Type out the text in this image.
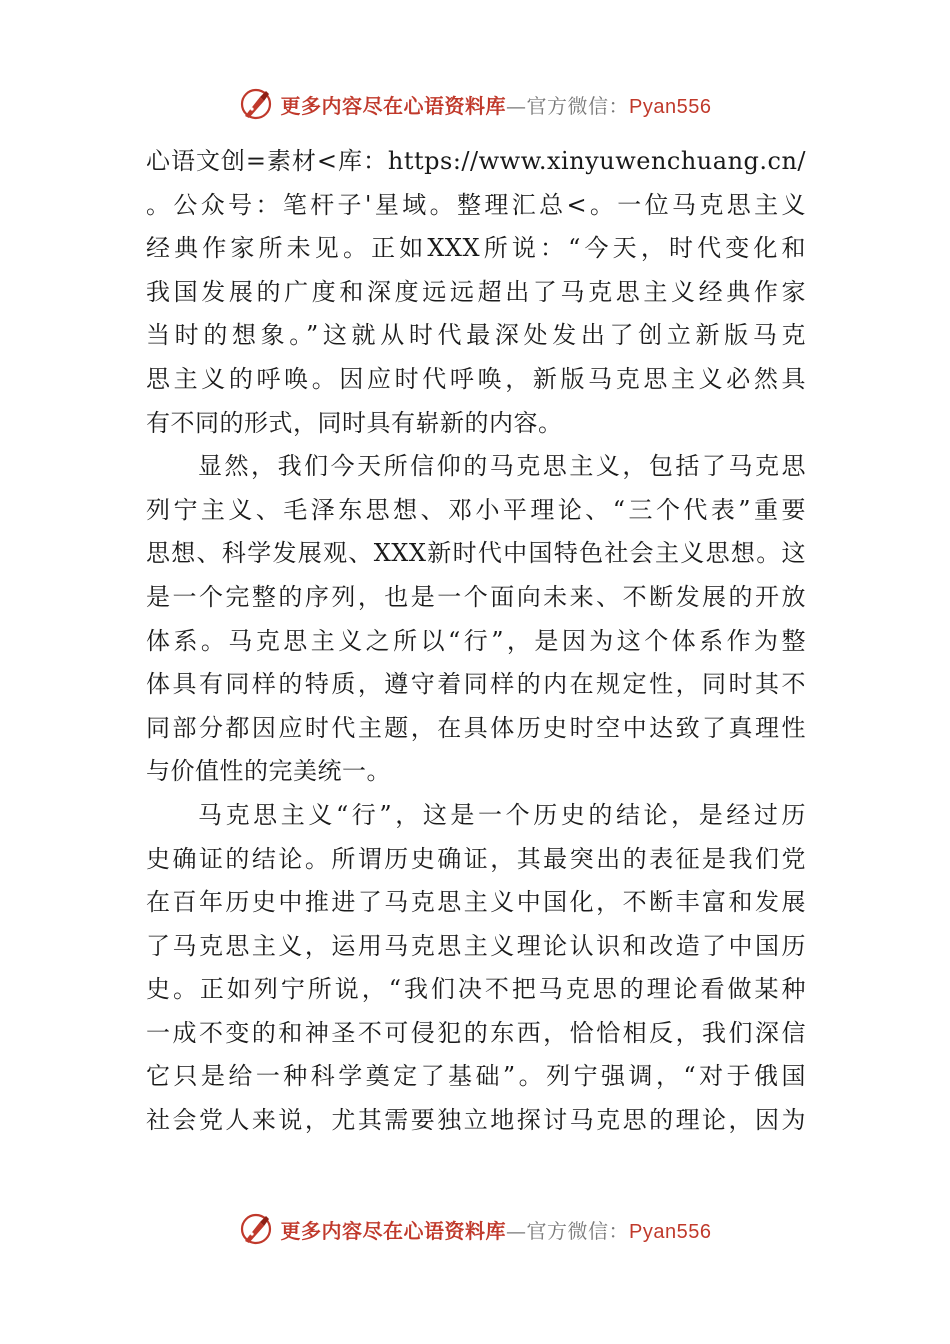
更多内容尽在心语资料库—官方微信：Pyan556
心语文创=素材<库：https://www.xinyuwenchuang.cn/
。公众号：笔杆子'星域。整理汇总<。一位马克思主义
经典作家所未见。正如XXX所说：“今天，时代变化和
我国发展的广度和深度远远超出了马克思主义经典作家
当时的想象。”这就从时代最深处发出了创立新版马克
思主义的呼唤。因应时代呼唤，新版马克思主义必然具
有不同的形式，同时具有崭新的内容。
显然，我们今天所信仰的马克思主义，包括了马克思
列宁主义、毛泽东思想、邓小平理论、“三个代表”重要
思想、科学发展观、XXX新时代中国特色社会主义思想。这
是一个完整的序列，也是一个面向未来、不断发展的开放
体系。马克思主义之所以“行”，是因为这个体系作为整
体具有同样的特质，遵守着同样的内在规定性，同时其不
同部分都因应时代主题，在具体历史时空中达致了真理性
与价值性的完美统一。
马克思主义“行”，这是一个历史的结论，是经过历
史确证的结论。所谓历史确证，其最突出的表征是我们党
在百年历史中推进了马克思主义中国化，不断丰富和发展
了马克思主义，运用马克思主义理论认识和改造了中国历
史。正如列宁所说，“我们决不把马克思的理论看做某种
一成不变的和神圣不可侵犯的东西，恰恰相反，我们深信
它只是给一种科学奠定了基础”。列宁强调，“对于俄国
社会党人来说，尤其需要独立地探讨马克思的理论，因为
更多内容尽在心语资料库—官方微信：Pyan556
